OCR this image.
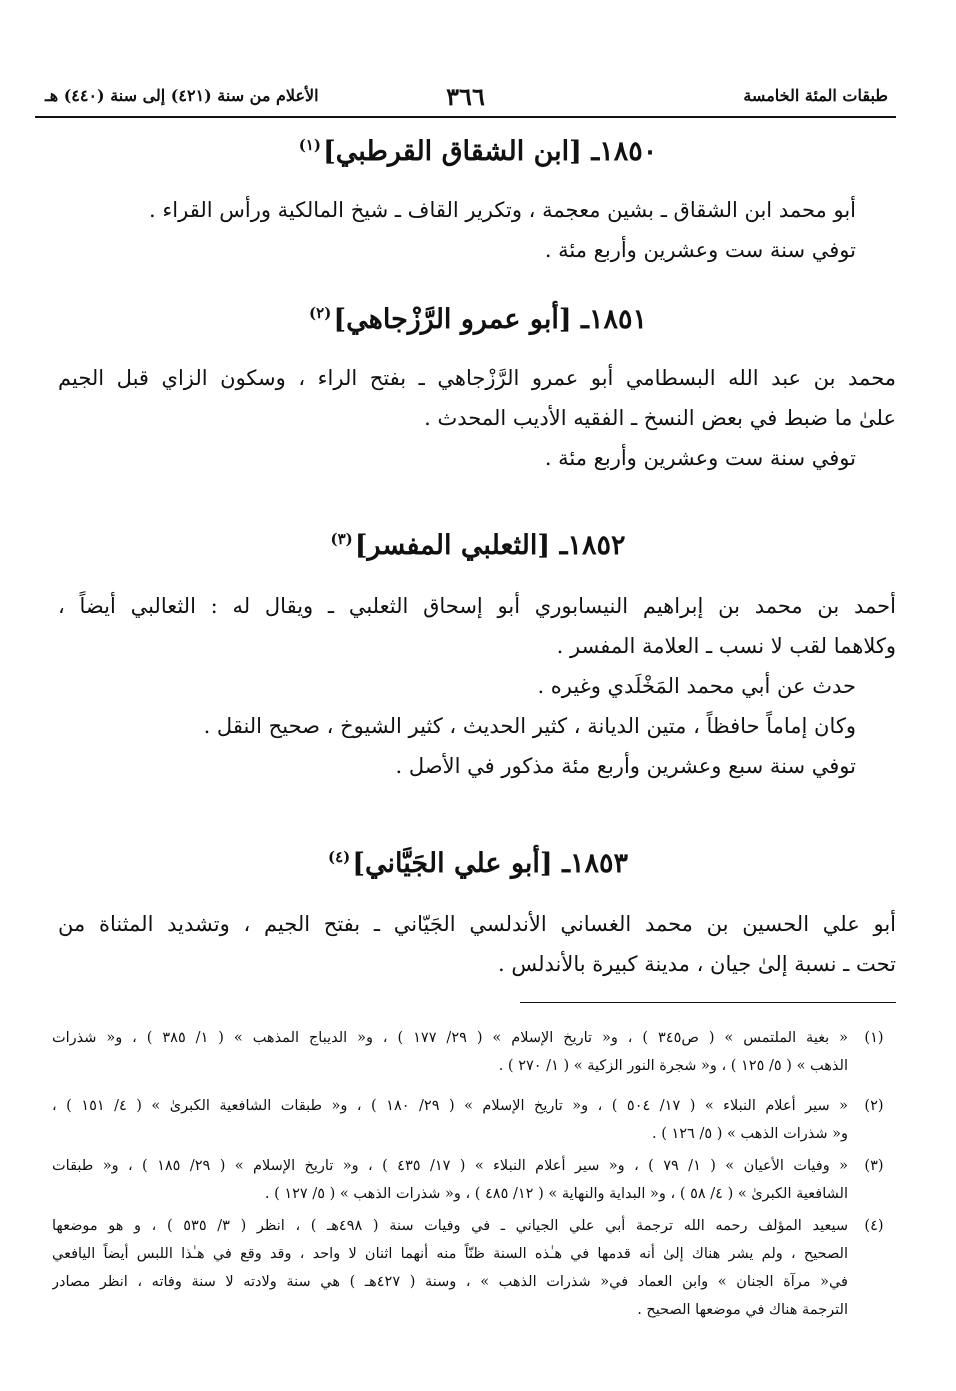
طبقات المئة الخامسة
٣٦٦
الأعلام من سنة (٤٢١) إلى سنة (٤٤٠) هـ
١٨٥٠ـ [ابن الشقاق القرطبي]$^{(١)}$
أبو محمد ابن الشقاق ـ بشين معجمة ، وتكرير القاف ـ شيخ المالكية ورأس القراء .
توفي سنة ست وعشرين وأربع مئة .
١٨٥١ـ [أبو عمرو الرَّزْجاهي]$^{(٢)}$
محمد بن عبد الله البسطامي أبو عمرو الرَّزْجاهي ـ بفتح الراء ، وسكون الزاي قبل الجيم
علىٰ ما ضبط في بعض النسخ ـ الفقيه الأديب المحدث .
توفي سنة ست وعشرين وأربع مئة .
١٨٥٢ـ [الثعلبي المفسر]$^{(٣)}$
أحمد بن محمد بن إبراهيم النيسابوري أبو إسحاق الثعلبي ـ ويقال له : الثعالبي أيضاً ،
وكلاهما لقب لا نسب ـ العلامة المفسر .
حدث عن أبي محمد المَخْلَدي وغيره .
وكان إماماً حافظاً ، متين الديانة ، كثير الحديث ، كثير الشيوخ ، صحيح النقل .
توفي سنة سبع وعشرين وأربع مئة مذكور في الأصل .
١٨٥٣ـ [أبو علي الجَيَّاني]$^{(٤)}$
أبو علي الحسين بن محمد الغساني الأندلسي الجَيّاني ـ بفتح الجيم ، وتشديد المثناة من
تحت ـ نسبة إلىٰ جيان ، مدينة كبيرة بالأندلس .
(١)
« بغية الملتمس » ( ص٣٤٥ ) ، و« تاريخ الإسلام » ( ٢٩/ ١٧٧ ) ، و« الديباج المذهب » ( ١/ ٣٨٥ ) ، و« شذرات
الذهب » ( ٥/ ١٢٥ ) ، و« شجرة النور الزكية » ( ١/ ٢٧٠ ) .
(٢)
« سير أعلام النبلاء » ( ١٧/ ٥٠٤ ) ، و« تاريخ الإسلام » ( ٢٩/ ١٨٠ ) ، و« طبقات الشافعية الكبرىٰ » ( ٤/ ١٥١ ) ،
و« شذرات الذهب » ( ٥/ ١٢٦ ) .
(٣)
« وفيات الأعيان » ( ١/ ٧٩ ) ، و« سير أعلام النبلاء » ( ١٧/ ٤٣٥ ) ، و« تاريخ الإسلام » ( ٢٩/ ١٨٥ ) ، و« طبقات
الشافعية الكبرىٰ » ( ٤/ ٥٨ ) ، و« البداية والنهاية » ( ١٢/ ٤٨٥ ) ، و« شذرات الذهب » ( ٥/ ١٢٧ ) .
(٤)
سيعيد المؤلف رحمه الله ترجمة أبي علي الجياني ـ في وفيات سنة ( ٤٩٨هـ ) ، انظر ( ٣/ ٥٣٥ ) ، و هو موضعها
الصحيح ، ولم يشر هناك إلىٰ أنه قدمها في هـٰذه السنة ظنّاً منه أنهما اثنان لا واحد ، وقد وقع في هـٰذا اللبس أيضاً اليافعي
في« مرآة الجنان » وابن العماد في« شذرات الذهب » ، وسنة ( ٤٢٧هـ ) هي سنة ولادته لا سنة وفاته ، انظر مصادر
الترجمة هناك في موضعها الصحيح .
